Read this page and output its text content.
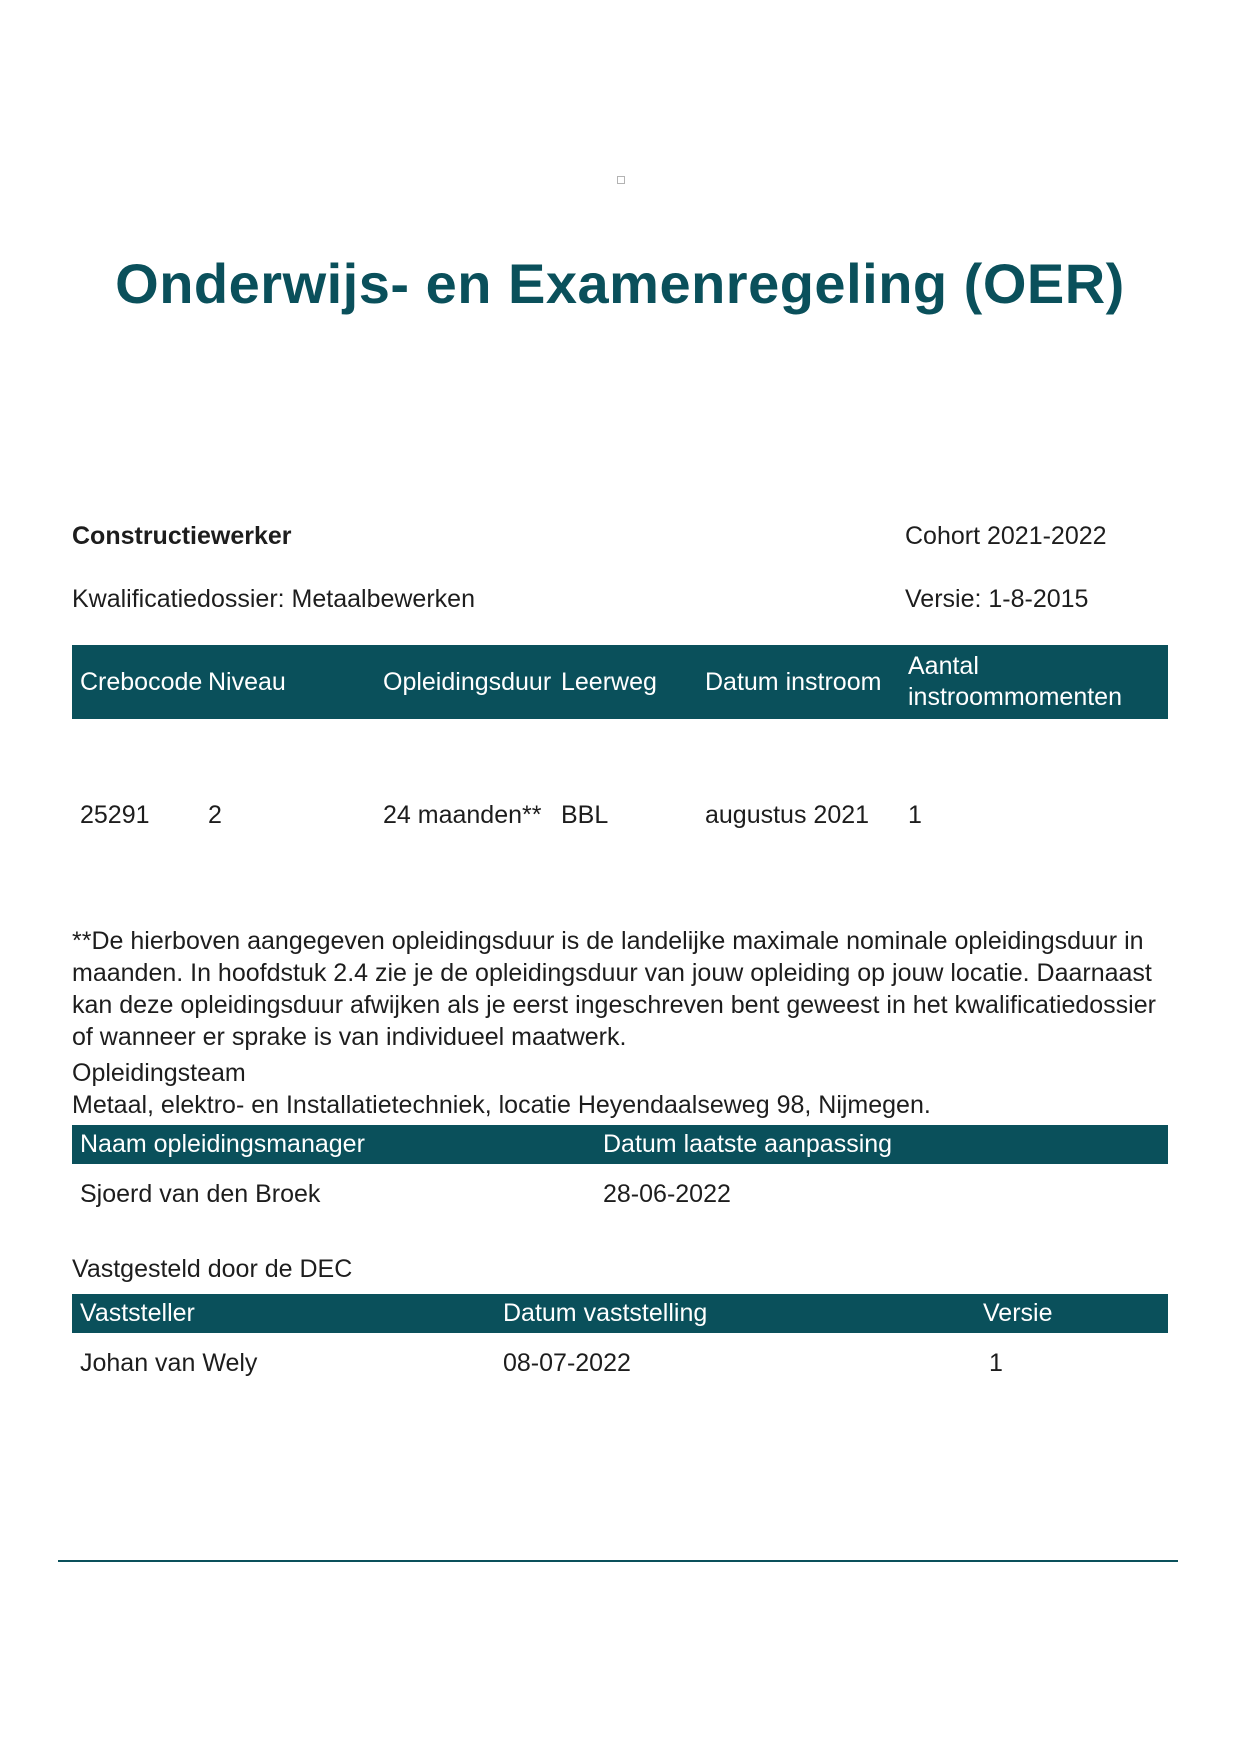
Onderwijs- en Examenregeling (OER)
Constructiewerker	Cohort 2021-2022
Kwalificatiedossier: Metaalbewerken	Versie: 1-8-2015
Crebocode	Niveau	Opleidingsduur	Leerweg	Datum instroom	Aantal instroommomenten
25291	2	24 maanden**	BBL	augustus 2021	1

**De hierboven aangegeven opleidingsduur is de landelijke maximale nominale opleidingsduur in maanden. In hoofdstuk 2.4 zie je de opleidingsduur van jouw opleiding op jouw locatie. Daarnaast kan deze opleidingsduur afwijken als je eerst ingeschreven bent geweest in het kwalificatiedossier of wanneer er sprake is van individueel maatwerk.

Opleidingsteam
Metaal, elektro- en Installatietechniek, locatie Heyendaalseweg 98, Nijmegen.
Naam opleidingsmanager	Datum laatste aanpassing
Sjoerd van den Broek	28-06-2022
Vastgesteld door de DEC
Vaststeller	Datum vaststelling	Versie
Johan van Wely	08-07-2022	1
